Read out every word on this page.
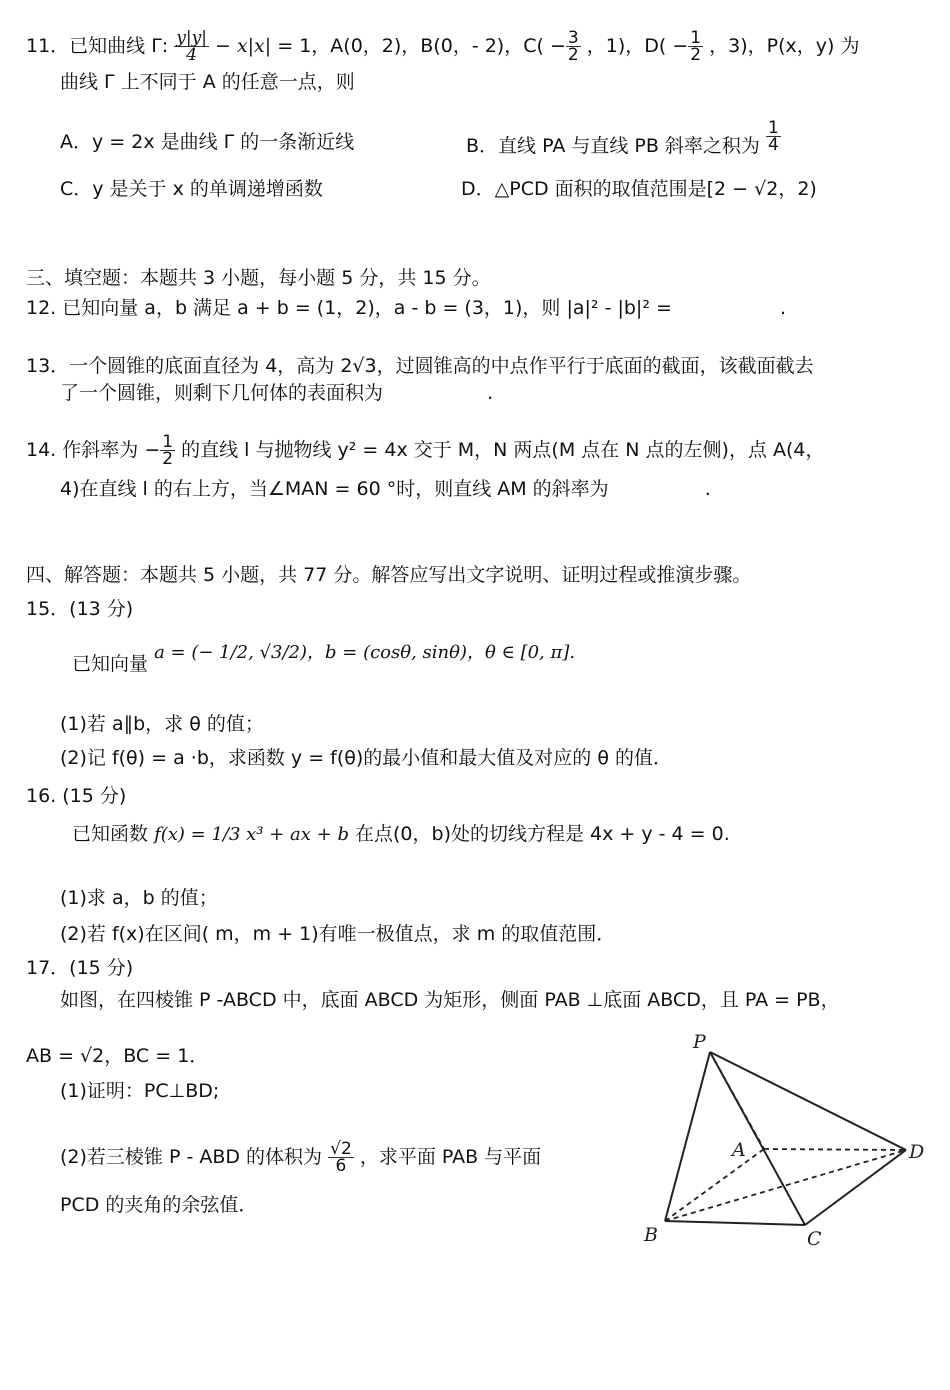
11．已知曲线 Γ: $\frac{y|y|}{4} - x|x| = 1$，A(0，2)，B(0，- 2)，$C( - \frac{3}{2}$ ，1)，$D( - \frac{1}{2}$ ，3)，P(x，y) 为
曲线 Γ 上不同于 A 的任意一点，则
A．y = 2x 是曲线 Γ 的一条渐近线	B．直线 PA 与直线 PB 斜率之积为 $\frac{1}{4}$
C．y 是关于 x 的单调递增函数	D．△PCD 面积的取值范围是[2 − √2，2)
三、填空题：本题共 3 小题，每小题 5 分，共 15 分。
12. 已知向量 a，b 满足 a + b = (1，2)，a - b = (3，1)，则 |a|² - |b|² =	.
13．一个圆锥的底面直径为 4，高为 2√3，过圆锥高的中点作平行于底面的截面，该截面截去
了一个圆锥，则剩下几何体的表面积为	.
14. 作斜率为 − $\frac{1}{2}$ 的直线 l 与抛物线 y² = 4x 交于 M，N 两点(M 点在 N 点的左侧)，点 A(4，
4)在直线 l 的右上方，当∠MAN = 60 °时，则直线 AM 的斜率为	.
四、解答题：本题共 5 小题，共 77 分。解答应写出文字说明、证明过程或推演步骤。
15．(13 分)
已知向量 a = (− 1/2, √3/2)，b = (cosθ, sinθ)，θ ∈ [0, π].
(1)若 a∥b，求 θ 的值；
(2)记 f(θ) = a ·b，求函数 y = f(θ)的最小值和最大值及对应的 θ 的值．
16. (15 分)
已知函数 f(x) = 1/3 x³ + ax + b 在点(0，b)处的切线方程是 4x + y - 4 = 0.
(1)求 a，b 的值；
(2)若 f(x)在区间( m，m + 1)有唯一极值点，求 m 的取值范围．
17．(15 分)
如图，在四棱锥 P -ABCD 中，底面 ABCD 为矩形，侧面 PAB ⊥底面 ABCD，且 PA = PB，
AB = √2，BC = 1．
(1)证明：PC⊥BD;
(2)若三棱锥 P - ABD 的体积为 $\frac{√2}{6}$ ，求平面 PAB 与平面
PCD 的夹角的余弦值．
P
A
B	C
D
